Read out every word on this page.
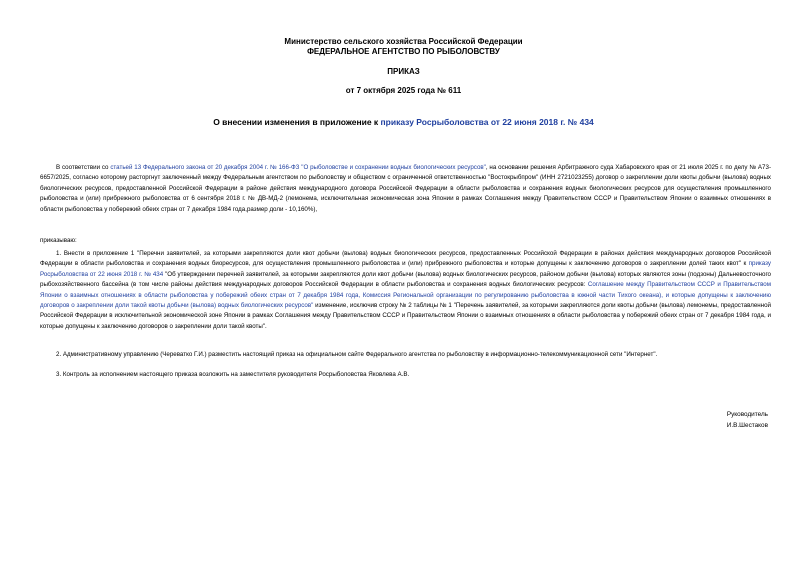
Министерство сельского хозяйства Российской Федерации
ФЕДЕРАЛЬНОЕ АГЕНТСТВО ПО РЫБОЛОВСТВУ
ПРИКАЗ
от 7 октября 2025 года № 611
О внесении изменения в приложение к приказу Росрыболовства от 22 июня 2018 г. № 434

В соответствии со статьей 13 Федерального закона от 20 декабря 2004 г. № 166-ФЗ "О рыболовстве и сохранении водных биологических ресурсов", на основании решения Арбитражного суда Хабаровского края от 21 июля 2025 г. по делу № А73-6657/2025, согласно которому расторгнут заключенный между Федеральным агентством по рыболовству и обществом с ограниченной ответственностью "Востокрыбпром" (ИНН 2721023255) договор о закреплении доли квоты добычи (вылова) водных биологических ресурсов, предоставленной Российской Федерации в районе действия международного договора Российской Федерации в области рыболовства и сохранения водных биологических ресурсов для осуществления промышленного рыболовства и (или) прибрежного рыболовства от 6 сентября 2018 г. № ДВ-МД-2 (лемонема, исключительная экономическая зона Японии в рамках Соглашения между Правительством СССР и Правительством Японии о взаимных отношениях в области рыболовства у побережий обеих стран от 7 декабря 1984 года,размер доли - 10,160%),

приказываю:

1. Внести в приложение 1 "Перечни заявителей, за которыми закрепляются доли квот добычи (вылова) водных биологических ресурсов, предоставленных Российской Федерации в районах действия международных договоров Российской Федерации в области рыболовства и сохранения водных биоресурсов, для осуществления промышленного рыболовства и (или) прибрежного рыболовства и которые допущены к заключению договоров о закреплении долей таких квот" к приказу Росрыболовства от 22 июня 2018 г. № 434 "Об утверждении перечней заявителей, за которыми закрепляются доли квот добычи (вылова) водных биологических ресурсов, районом добычи (вылова) которых являются зоны (подзоны) Дальневосточного рыбохозяйственного бассейна (в том числе районы действия международных договоров Российской Федерации в области рыболовства и сохранения водных биологических ресурсов: Соглашение между Правительством СССР и Правительством Японии о взаимных отношениях в области рыболовства у побережий обеих стран от 7 декабря 1984 года, Комиссия Региональной организации по регулированию рыболовства в южной части Тихого океана), и которые допущены к заключению договоров о закреплении доли такой квоты добычи (вылова) водных биологических ресурсов" изменение, исключив строку № 2 таблицы № 1 "Перечень заявителей, за которыми закрепляются доли квоты добычи (вылова) лемонемы, предоставленной Российской Федерации в исключительной экономической зоне Японии в рамках Соглашения между Правительством СССР и Правительством Японии о взаимных отношениях в области рыболовства у побережий обеих стран от 7 декабря 1984 года, и которые допущены к заключению договоров о закреплении доли такой квоты".

2. Административному управлению (Череватко Г.И.) разместить настоящий приказ на официальном сайте Федерального агентства по рыболовству в информационно-телекоммуникационной сети "Интернет".

3. Контроль за исполнением настоящего приказа возложить на заместителя руководителя Росрыболовства Яковлева А.В.

Руководитель
И.В.Шестаков
